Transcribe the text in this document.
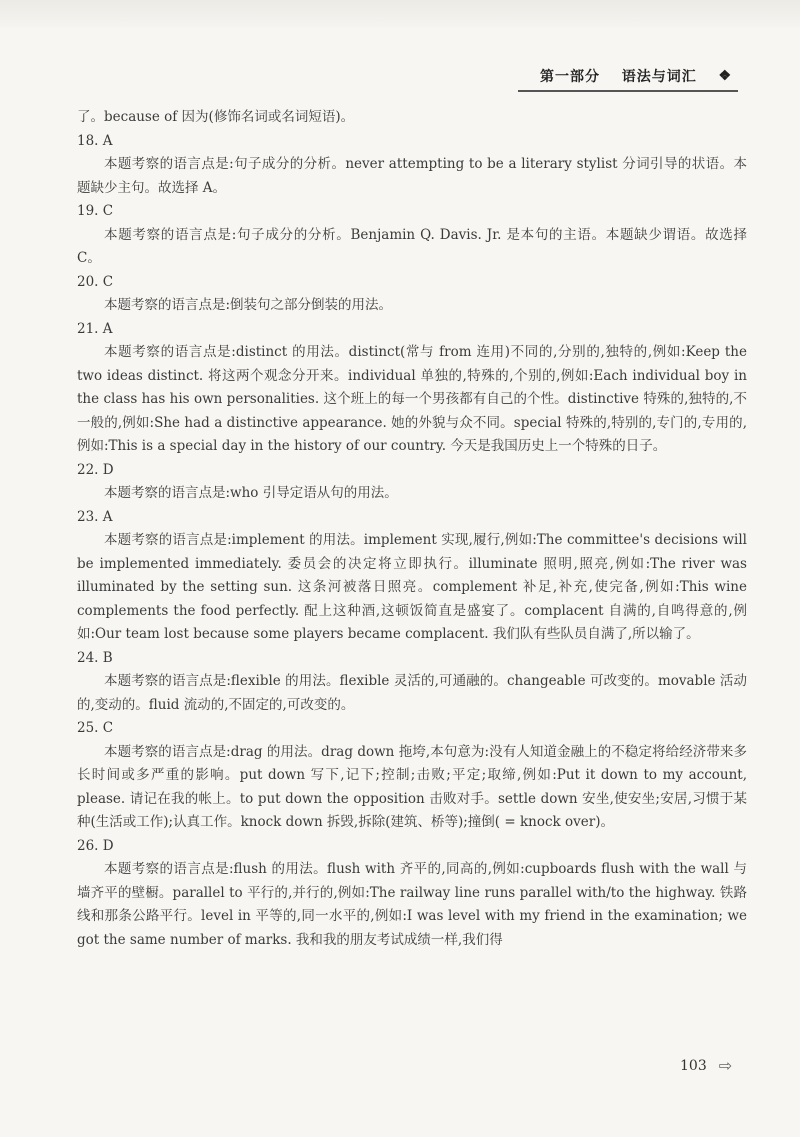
第一部分 语法与词汇 ❖

了。because of 因为(修饰名词或名词短语)。

18. A

本题考察的语言点是:句子成分的分析。never attempting to be a literary stylist 分词引导的状语。本题缺少主句。故选择 A。

19. C

本题考察的语言点是:句子成分的分析。Benjamin Q. Davis. Jr. 是本句的主语。本题缺少谓语。故选择 C。

20. C

本题考察的语言点是:倒装句之部分倒装的用法。

21. A

本题考察的语言点是:distinct 的用法。distinct(常与 from 连用)不同的,分别的,独特的,例如:Keep the two ideas distinct. 将这两个观念分开来。individual 单独的,特殊的,个别的,例如:Each individual boy in the class has his own personalities. 这个班上的每一个男孩都有自己的个性。distinctive 特殊的,独特的,不一般的,例如:She had a distinctive appearance. 她的外貌与众不同。special 特殊的,特别的,专门的,专用的,例如:This is a special day in the history of our country. 今天是我国历史上一个特殊的日子。

22. D

本题考察的语言点是:who 引导定语从句的用法。

23. A

本题考察的语言点是:implement 的用法。implement 实现,履行,例如:The committee's decisions will be implemented immediately. 委员会的决定将立即执行。illuminate 照明,照亮,例如:The river was illuminated by the setting sun. 这条河被落日照亮。complement 补足,补充,使完备,例如:This wine complements the food perfectly. 配上这种酒,这顿饭简直是盛宴了。complacent 自满的,自鸣得意的,例如:Our team lost because some players became complacent. 我们队有些队员自满了,所以输了。

24. B

本题考察的语言点是:flexible 的用法。flexible 灵活的,可通融的。changeable 可改变的。movable 活动的,变动的。fluid 流动的,不固定的,可改变的。

25. C

本题考察的语言点是:drag 的用法。drag down 拖垮,本句意为:没有人知道金融上的不稳定将给经济带来多长时间或多严重的影响。put down 写下,记下;控制;击败;平定;取缔,例如:Put it down to my account, please. 请记在我的帐上。to put down the opposition 击败对手。settle down 安坐,使安坐;安居,习惯于某种(生活或工作);认真工作。knock down 拆毁,拆除(建筑、桥等);撞倒( = knock over)。

26. D

本题考察的语言点是:flush 的用法。flush with 齐平的,同高的,例如:cupboards flush with the wall 与墙齐平的壁橱。parallel to 平行的,并行的,例如:The railway line runs parallel with/to the highway. 铁路线和那条公路平行。level in 平等的,同一水平的,例如:I was level with my friend in the examination; we got the same number of marks. 我和我的朋友考试成绩一样,我们得

103 ⇨
